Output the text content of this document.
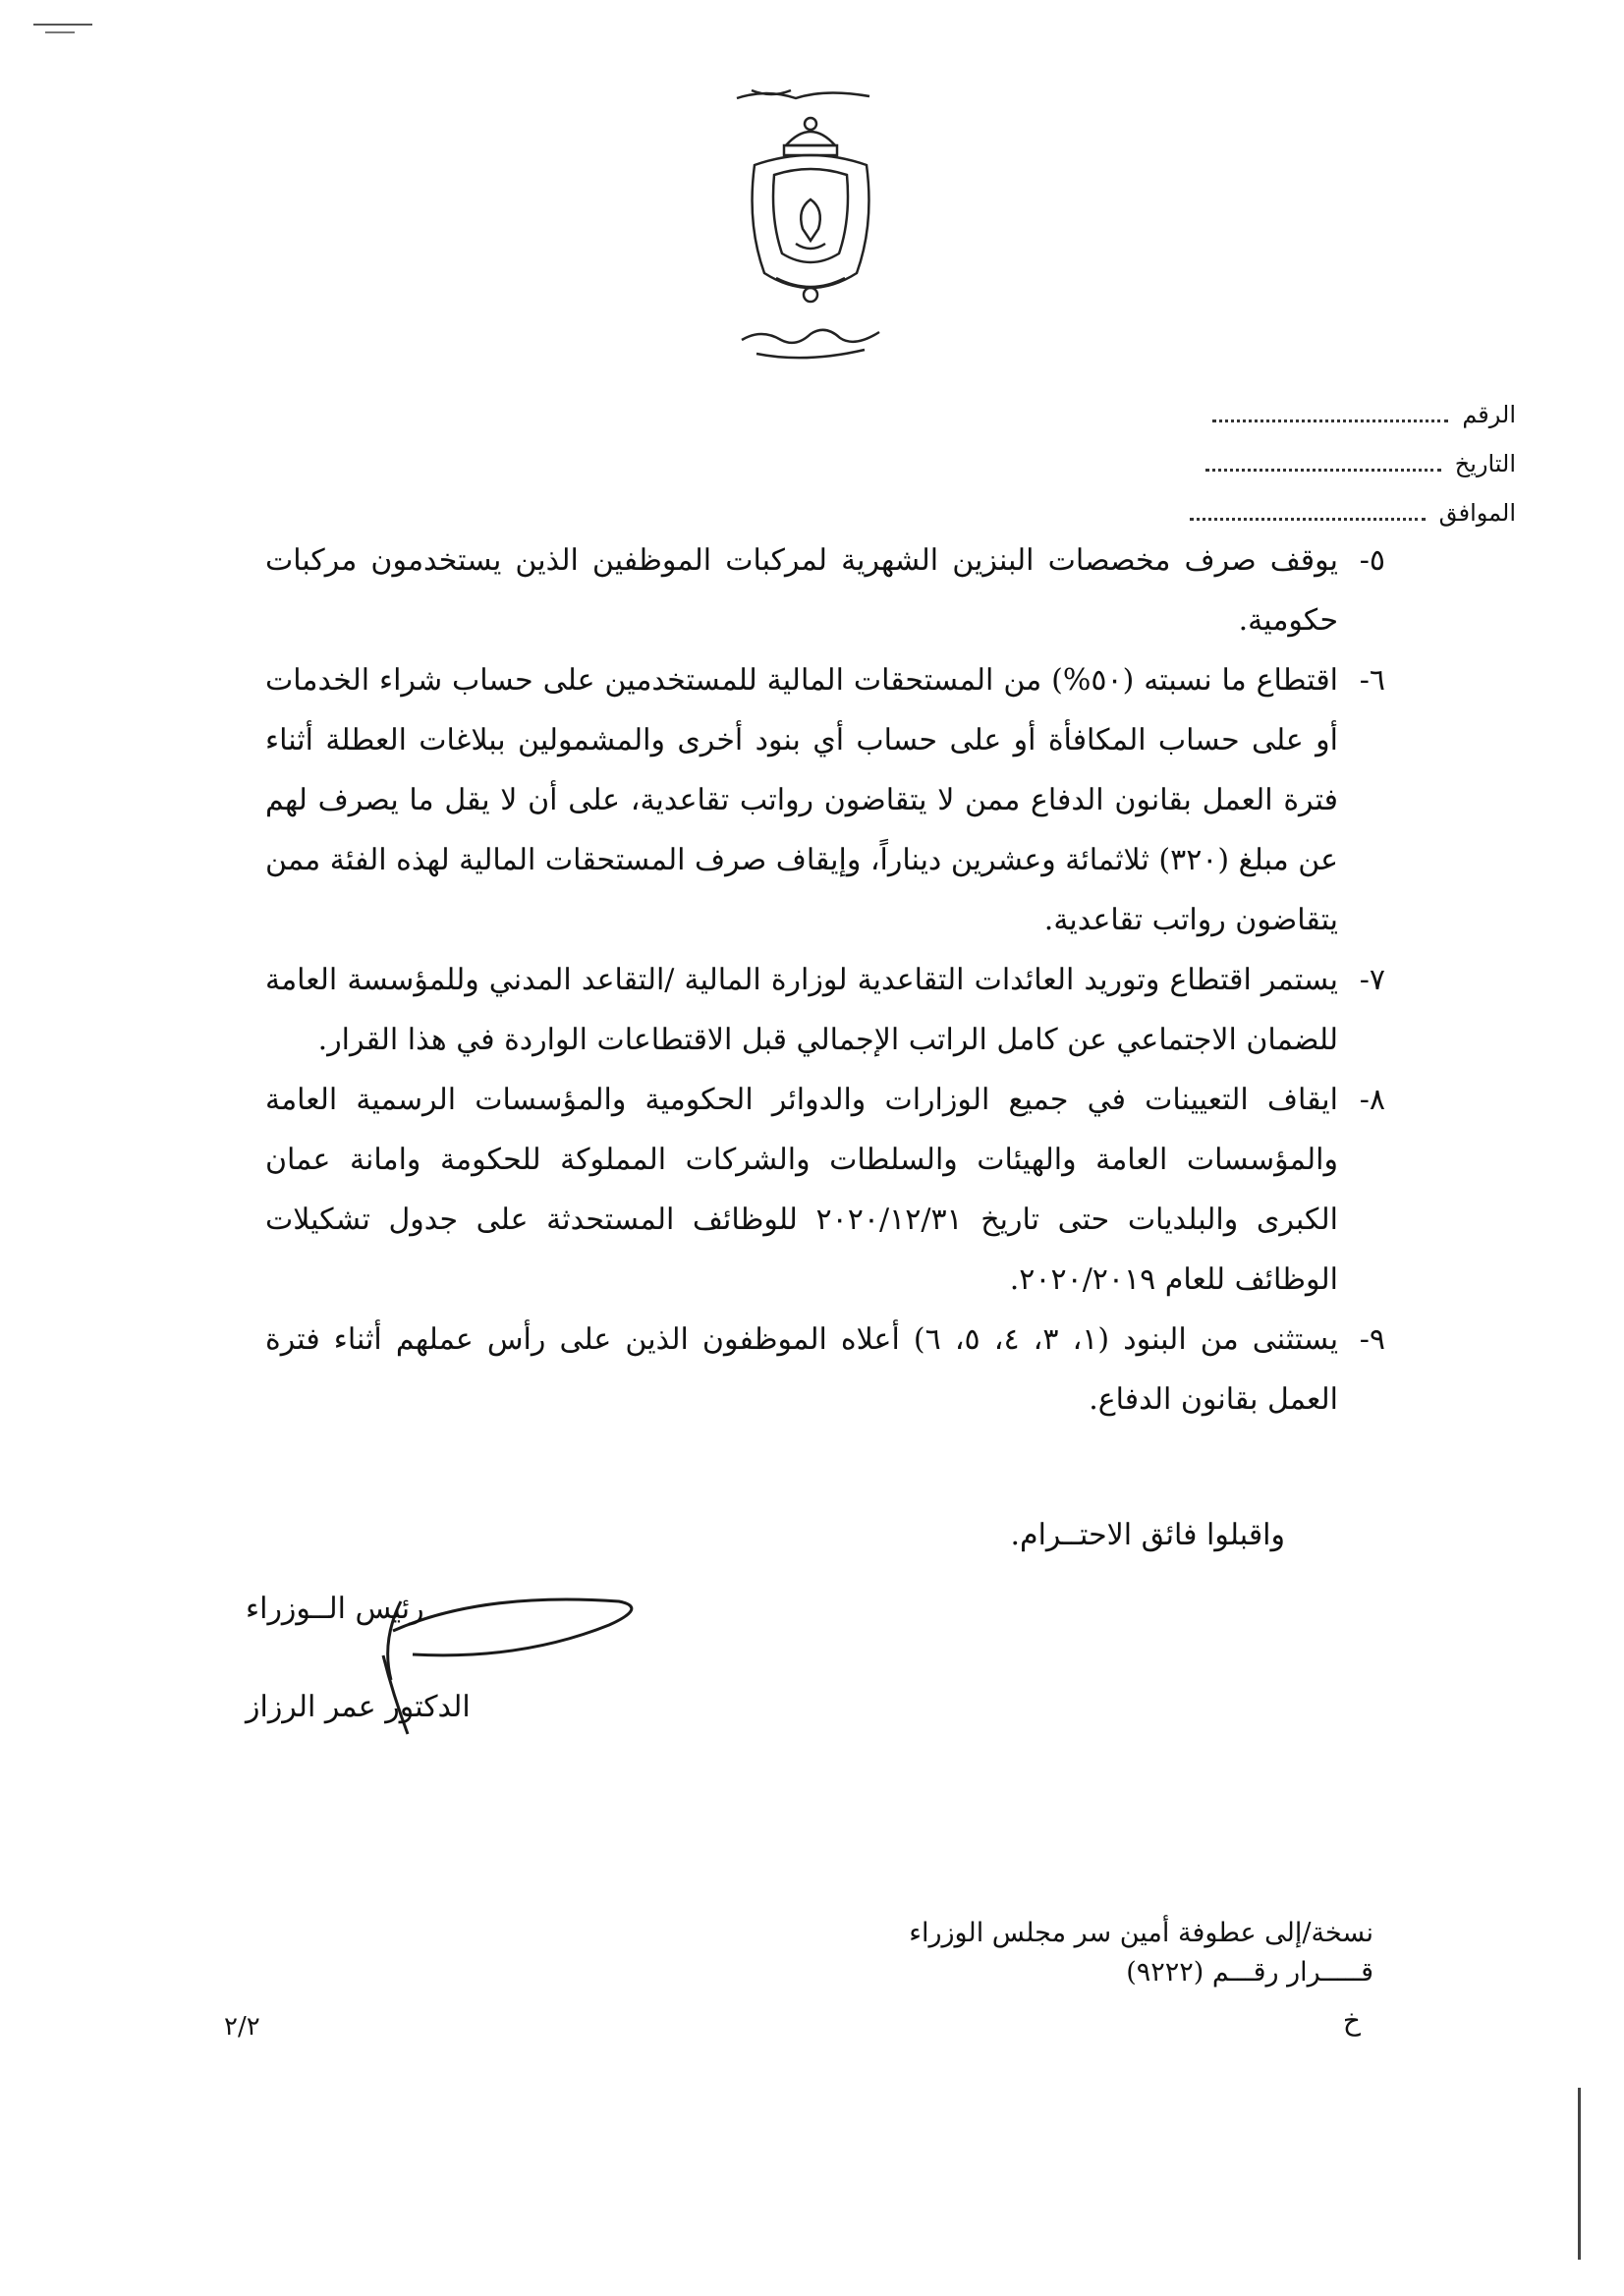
الرقم
التاريخ
الموافق
٥-
يوقف صرف مخصصات البنزين الشهرية لمركبات الموظفين الذين يستخدمون مركبات حكومية.
٦-
اقتطاع ما نسبته (٥٠%) من المستحقات المالية للمستخدمين على حساب شراء الخدمات أو على حساب المكافأة أو على حساب أي بنود أخرى والمشمولين ببلاغات العطلة أثناء فترة العمل بقانون الدفاع ممن لا يتقاضون رواتب تقاعدية، على أن لا يقل ما يصرف لهم عن مبلغ (٣٢٠) ثلاثمائة وعشرين ديناراً، وإيقاف صرف المستحقات المالية لهذه الفئة ممن يتقاضون رواتب تقاعدية.
٧-
يستمر اقتطاع وتوريد العائدات التقاعدية لوزارة المالية /التقاعد المدني وللمؤسسة العامة للضمان الاجتماعي عن كامل الراتب الإجمالي قبل الاقتطاعات الواردة في هذا القرار.
٨-
ايقاف التعيينات في جميع الوزارات والدوائر الحكومية والمؤسسات الرسمية العامة والمؤسسات العامة والهيئات والسلطات والشركات المملوكة للحكومة وامانة عمان الكبرى والبلديات حتى تاريخ ٢٠٢٠/١٢/٣١ للوظائف المستحدثة على جدول تشكيلات الوظائف للعام ٢٠٢٠/٢٠١٩.
٩-
يستثنى من البنود (١، ٣، ٤، ٥، ٦) أعلاه الموظفون الذين على رأس عملهم أثناء فترة العمل بقانون الدفاع.
واقبلوا فائق الاحتــرام.
رئيس الــوزراء
الدكتور عمر الرزاز
نسخة/إلى عطوفة أمين سر مجلس الوزراء
قـــــرار رقـــم (٩٢٢٢)
خ
٢/٢
